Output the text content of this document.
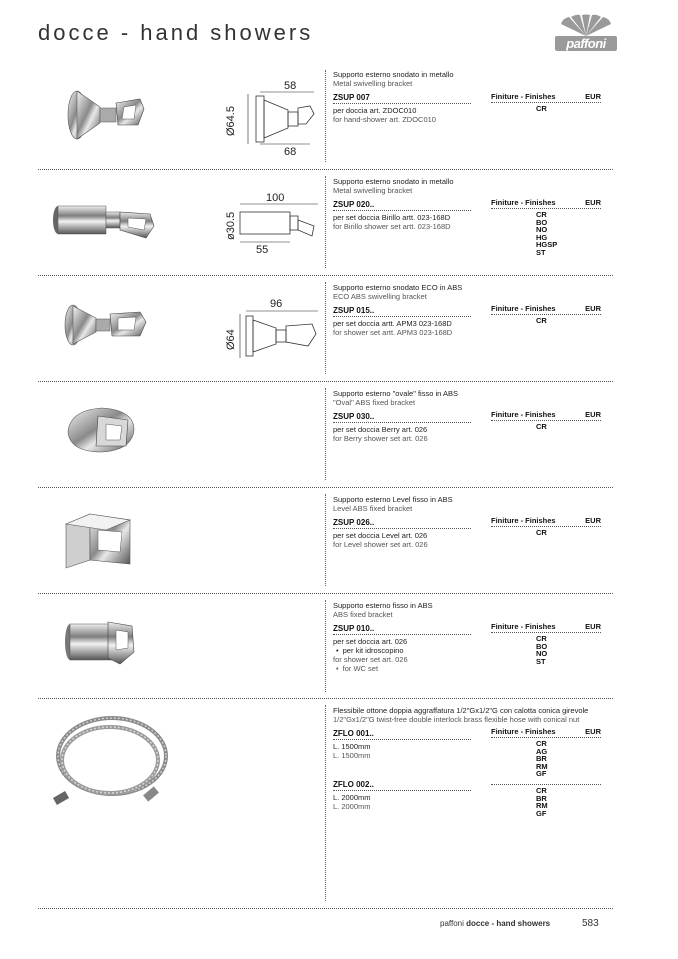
docce - hand showers	paffoni
58
Ø64.5
68
Supporto esterno snodato in metallo
Metal swivelling bracket
ZSUP 007
per doccia art. ZDOC010
for hand-shower art. ZDOC010
Finiture - Finishes	EUR
CR
100
ø30.5
55
Supporto esterno snodato in metallo
Metal swivelling bracket
ZSUP 020..
per set doccia Birillo artt. 023-168D
for Birillo shower set artt. 023-168D
Finiture - Finishes	EUR
CR
BO
NO
HG
HGSP
ST
96
Ø64
Supporto esterno snodato ECO in ABS
ECO ABS swivelling bracket
ZSUP 015..
per set doccia artt. APM3 023-168D
for shower set artt. APM3 023-168D
Finiture - Finishes	EUR
CR
Supporto esterno "ovale" fisso in ABS
"Oval" ABS fixed bracket
ZSUP 030..
per set doccia Berry art. 026
for Berry shower set art. 026
Finiture - Finishes	EUR
CR
Supporto esterno Level fisso in ABS
Level ABS fixed bracket
ZSUP 026..
per set doccia Level art. 026
for Level shower set art. 026
Finiture - Finishes	EUR
CR
Supporto esterno fisso in ABS
ABS fixed bracket
ZSUP 010..
per set doccia art. 026
• per kit idroscopino
for shower set art. 026
• for WC set
Finiture - Finishes	EUR
CR
BO
NO
ST
Flessibile ottone doppia aggraffatura 1/2"Gx1/2"G con calotta conica girevole
1/2"Gx1/2"G twist-free double interlock brass flexible hose with conical nut
ZFLO 001..
L. 1500mm
L. 1500mm
ZFLO 002..
L. 2000mm
L. 2000mm
Finiture - Finishes	EUR
CR
AG
BR
RM
GF
CR
BR
RM
GF
paffoni docce - hand showers	583
